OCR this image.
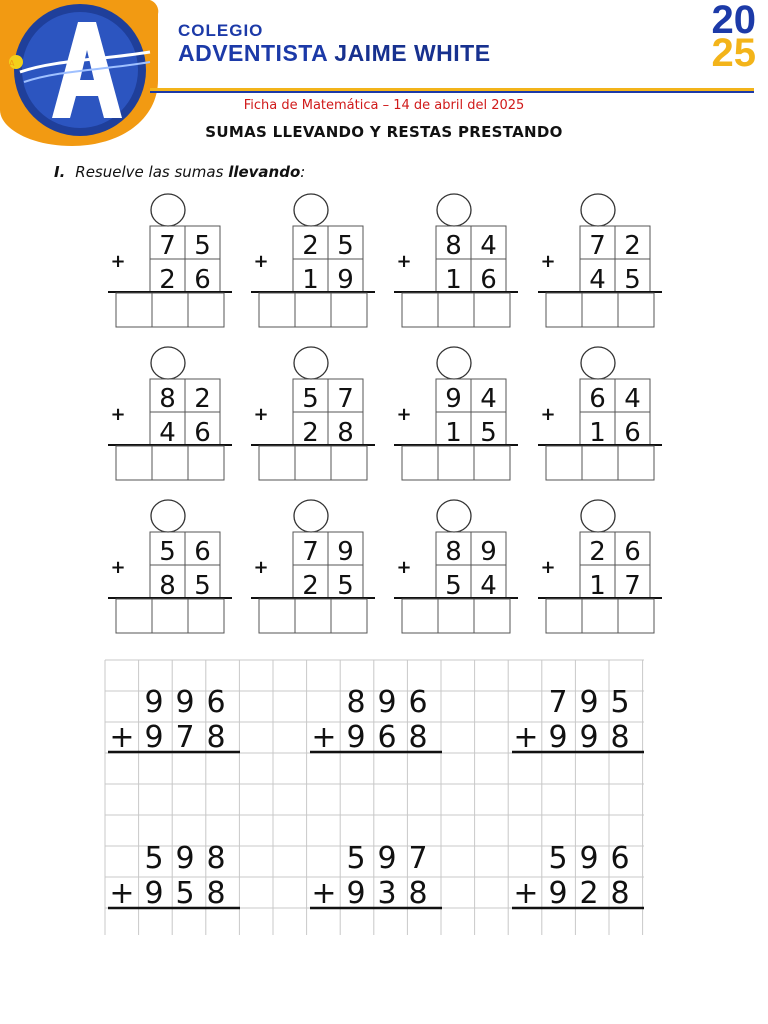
A
COLEGIO
ADVENTISTA JAIME WHITE
20
25
Ficha de Matemática – 14 de abril del 2025
SUMAS LLEVANDO Y RESTAS PRESTANDO
I. Resuelve las sumas llevando:
7 5
2 6
+
2 5
1 9
+
8 4
1 6
+
7 2
4 5
+
8 2
4 6
+
5 7
2 8
+
9 4
1 5
+
6 4
1 6
+
5 6
8 5
+
7 9
2 5
+
8 9
5 4
+
2 6
1 7
+
9 9 6
+ 9 7 8
8 9 6
+ 9 6 8
7 9 5
+ 9 9 8
5 9 8
+ 9 5 8
5 9 7
+ 9 3 8
5 9 6
+ 9 2 8
